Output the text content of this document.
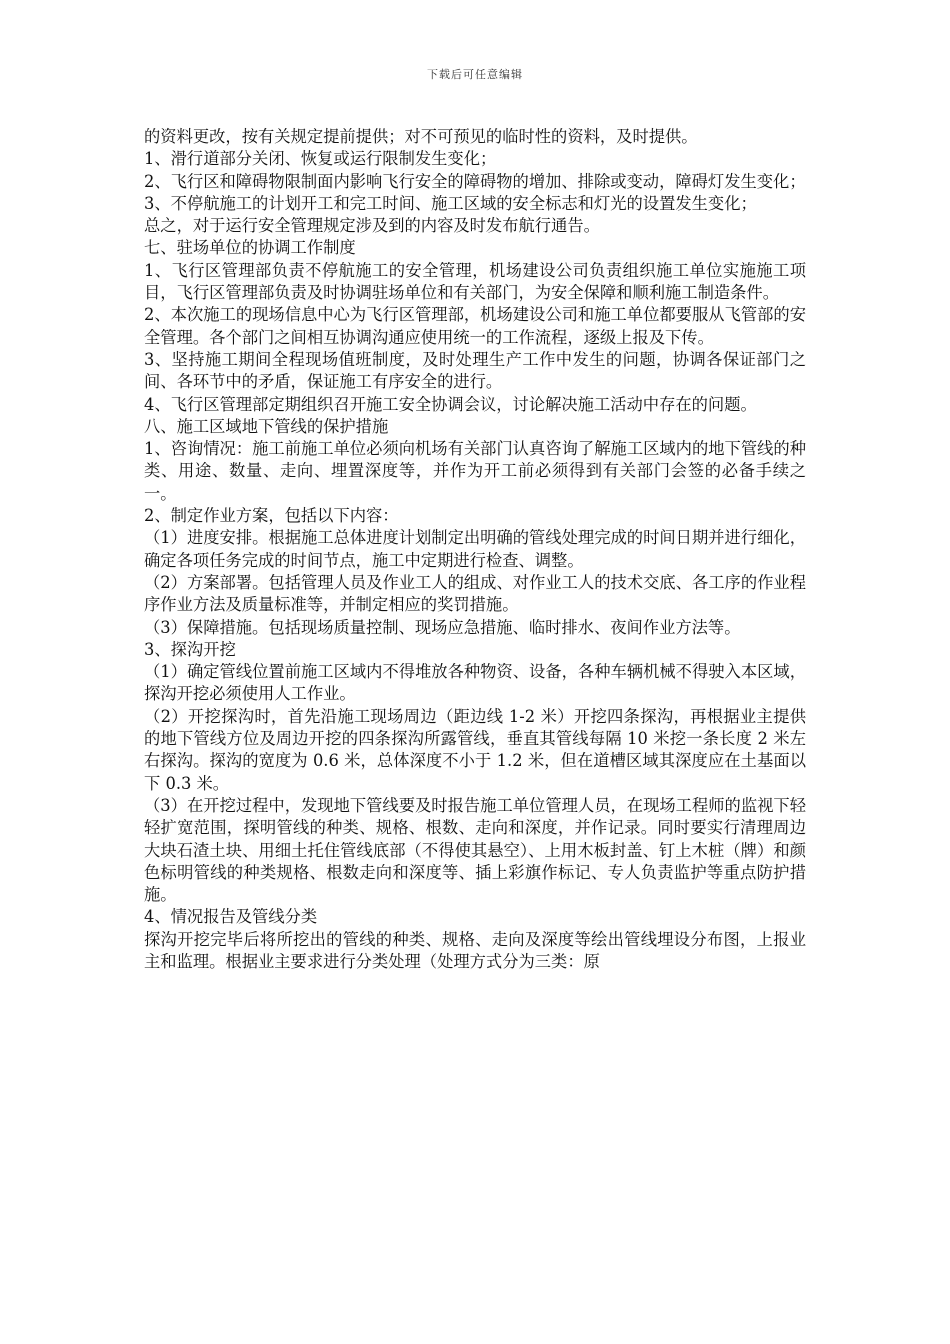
下载后可任意编辑

的资料更改，按有关规定提前提供；对不可预见的临时性的资料，及时提供。

1、滑行道部分关闭、恢复或运行限制发生变化；

2、飞行区和障碍物限制面内影响飞行安全的障碍物的增加、排除或变动，障碍灯发生变化；

3、不停航施工的计划开工和完工时间、施工区域的安全标志和灯光的设置发生变化；

总之，对于运行安全管理规定涉及到的内容及时发布航行通告。

七、驻场单位的协调工作制度

1、飞行区管理部负责不停航施工的安全管理，机场建设公司负责组织施工单位实施施工项目，飞行区管理部负责及时协调驻场单位和有关部门，为安全保障和顺利施工制造条件。

2、本次施工的现场信息中心为飞行区管理部，机场建设公司和施工单位都要服从飞管部的安全管理。各个部门之间相互协调沟通应使用统一的工作流程，逐级上报及下传。

3、坚持施工期间全程现场值班制度，及时处理生产工作中发生的问题，协调各保证部门之间、各环节中的矛盾，保证施工有序安全的进行。

4、飞行区管理部定期组织召开施工安全协调会议，讨论解决施工活动中存在的问题。

八、施工区域地下管线的保护措施

1、咨询情况：施工前施工单位必须向机场有关部门认真咨询了解施工区域内的地下管线的种类、用途、数量、走向、埋置深度等，并作为开工前必须得到有关部门会签的必备手续之一。

2、制定作业方案，包括以下内容：

（1）进度安排。根据施工总体进度计划制定出明确的管线处理完成的时间日期并进行细化，确定各项任务完成的时间节点，施工中定期进行检查、调整。

（2）方案部署。包括管理人员及作业工人的组成、对作业工人的技术交底、各工序的作业程序作业方法及质量标准等，并制定相应的奖罚措施。

（3）保障措施。包括现场质量控制、现场应急措施、临时排水、夜间作业方法等。

3、探沟开挖

（1）确定管线位置前施工区域内不得堆放各种物资、设备，各种车辆机械不得驶入本区域，探沟开挖必须使用人工作业。

（2）开挖探沟时，首先沿施工现场周边（距边线 1-2 米）开挖四条探沟，再根据业主提供的地下管线方位及周边开挖的四条探沟所露管线，垂直其管线每隔 10 米挖一条长度 2 米左右探沟。探沟的宽度为 0.6 米，总体深度不小于 1.2 米，但在道槽区域其深度应在土基面以下 0.3 米。

（3）在开挖过程中，发现地下管线要及时报告施工单位管理人员，在现场工程师的监视下轻轻扩宽范围，探明管线的种类、规格、根数、走向和深度，并作记录。同时要实行清理周边大块石渣土块、用细土托住管线底部（不得使其悬空）、上用木板封盖、钉上木桩（牌）和颜色标明管线的种类规格、根数走向和深度等、插上彩旗作标记、专人负责监护等重点防护措施。

4、情况报告及管线分类

探沟开挖完毕后将所挖出的管线的种类、规格、走向及深度等绘出管线埋设分布图，上报业主和监理。根据业主要求进行分类处理（处理方式分为三类：原
